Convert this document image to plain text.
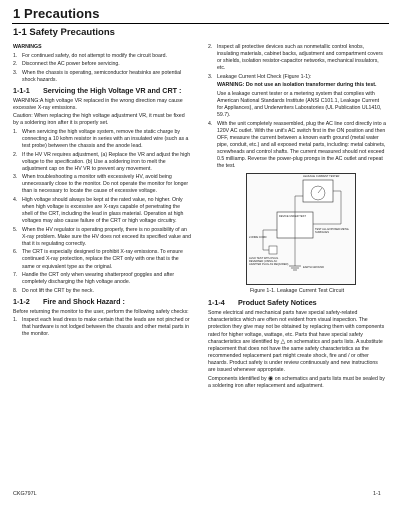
1 Precautions
1-1 Safety Precautions
WARNINGS
1. For continued safety, do not attempt to modify the circuit board.
2. Disconnect the AC power before servicing.
3. When the chassis is operating, semiconductor heatsinks are potential shock hazards.
1-1-1	Servicing the High Voltage VR and CRT :
WARNING:A high voltage VR replaced in the wrong direction may cause excessive X-ray emissions.
Caution: When replacing the high voltage adjustment VR, it must be fixed by a soldering iron after it is properly set.
1. When servicing the high voltage system, remove the static charge by connecting a 10 kohm resistor in series with an insulated wire (such as a test probe) between the chassis and the anode lead.
2. If the HV VR requires adjustment, (a) Replace the VR and adjust the high voltage to the specification. (b) Use a soldering iron to melt the adjustment cap on the HV VR to prevent any movement.
3. When troubleshooting a monitor with excessively HV, avoid being unnecessarily close to the monitor. Do not operate the monitor for longer than is necessary to locate the cause of excessive voltage.
4. High voltage should always be kept at the rated value, no higher. Only when high voltage is excessive are X-rays capable of penetrating the shell of the CRT, including the lead in glass material. Operation at high voltages may also cause failure of the CRT or high voltage circuitry.
5. When the HV regulator is operating properly, there is no possibility of an X-ray problem. Make sure the HV does not exceed its specified value and that it is regulating correctly.
6. The CRT is especially designed to prohibit X-ray emissions. To ensure continued X-ray protection, replace the CRT only with one that is the same or equivalent type as the original.
7. Handle the CRT only when wearing shatterproof goggles and after completely discharging the high voltage anode.
8. Do not lift the CRT by the neck.
1-1-2	Fire and Shock Hazard :
Before returning the monitor to the user, perform the following safety checks:
1. Inspect each lead dress to make certain that the leads are not pinched or that hardware is not lodged between the chassis and other metal parts in the monitor.
2. Inspect all protective devices such as nonmetallic control knobs, insulating materials, cabinet backs, adjustment and compartment covers or shields, isolation resistor-capacitor networks, mechanical insulators, etc.
3. Leakage Current Hot Check (Figure 1-1):
WARNING: Do not use an isolation transformer during this test.
Use a leakage current tester or a metering system that complies with American National Standards Institute (ANSI C101.1, Leakage Current for Appliances), and Underwriters Laboratories (UL Publication UL1410, 59.7).
4. With the unit completely reassembled, plug the AC line cord directly into a 120V AC outlet. With the unit's AC switch first in the ON position and then OFF, measure the current between a known earth ground (metal water pipe, conduit, etc.) and all exposed metal parts, including: metal cabinets, screwheads and control shafts. The current measured should not exceed 0.5 milliamp. Reverse the power-plug prongs in the AC outlet and repeat the test.
LEAKAGE CURRENT TESTER
DEVICE UNDER TEST
TEST ALL EXPOSED METAL SURFACES
2-WIRE CORD
ALSO TEST WITH PLUG REVERSED (USING AC ADAPTER PLUG AS REQUIRED)
EARTH GROUND
Figure 1-1. Leakage Current Test Circuit
1-1-4	Product Safety Notices
Some electrical and mechanical parts have special safety-related characteristics which are often not evident from visual inspection. The protection they give may not be obtained by replacing them with components rated for higher voltage, wattage, etc. Parts that have special safety characteristics are identified by △ on schematics and parts lists. A substitute replacement that does not have the same safety characteristics as the recommended replacement part might create shock, fire and / or other hazards. Product safety is under review continuously and new instructions are issued whenever appropriate.
Components identified by ◉ on schematics and parts lists must be sealed by a soldering iron after replacement and adjustment.
CKG797L	1-1
